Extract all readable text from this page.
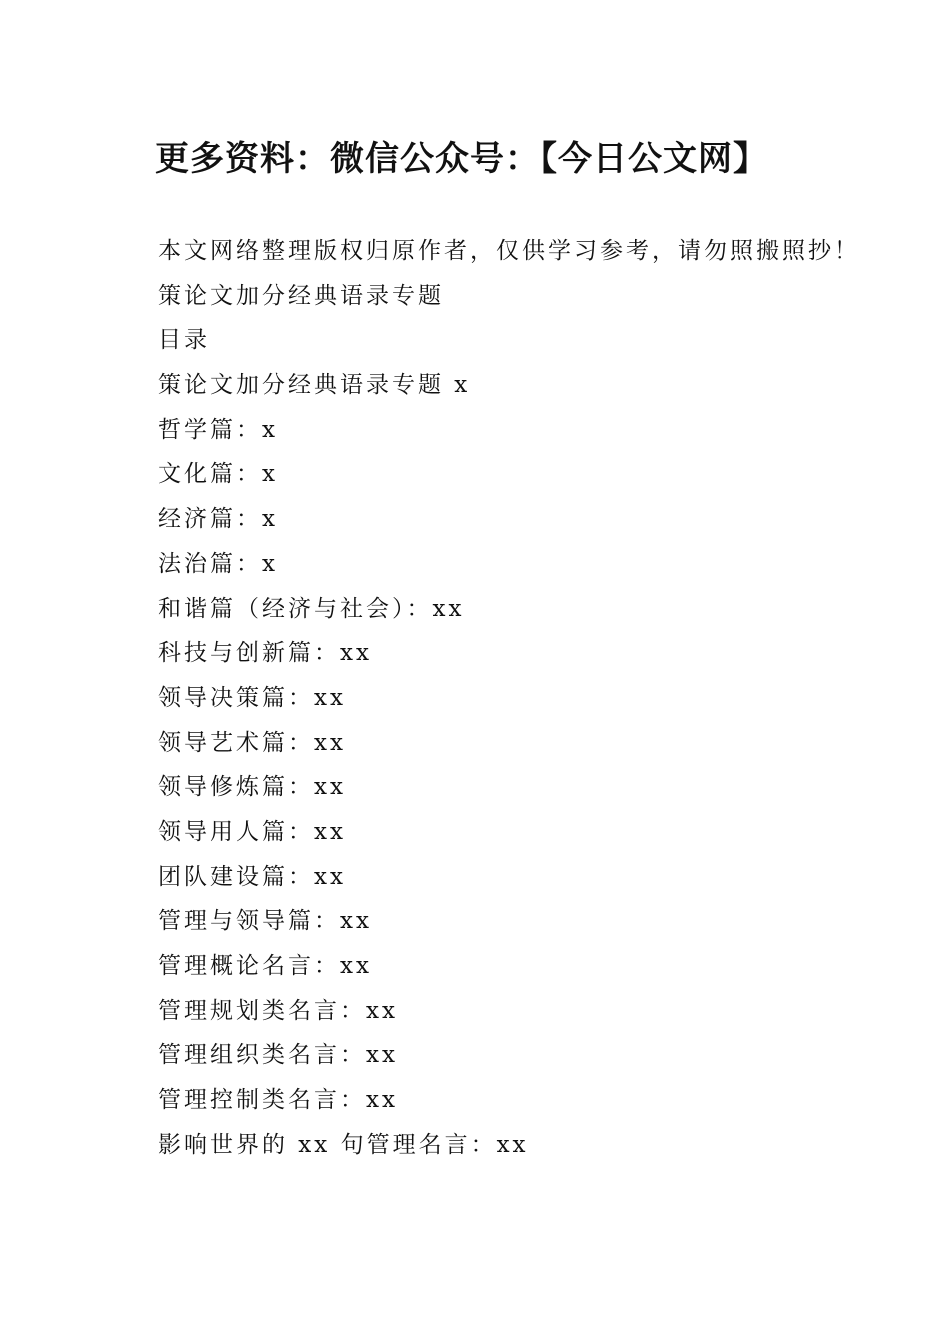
更多资料：微信公众号：【今日公文网】
本文网络整理版权归原作者，仅供学习参考，请勿照搬照抄！
策论文加分经典语录专题
目录
策论文加分经典语录专题 x
哲学篇：x
文化篇：x
经济篇：x
法治篇：x
和谐篇（经济与社会）：xx
科技与创新篇：xx
领导决策篇：xx
领导艺术篇：xx
领导修炼篇：xx
领导用人篇：xx
团队建设篇：xx
管理与领导篇：xx
管理概论名言：xx
管理规划类名言：xx
管理组织类名言：xx
管理控制类名言：xx
影响世界的 xx 句管理名言：xx
